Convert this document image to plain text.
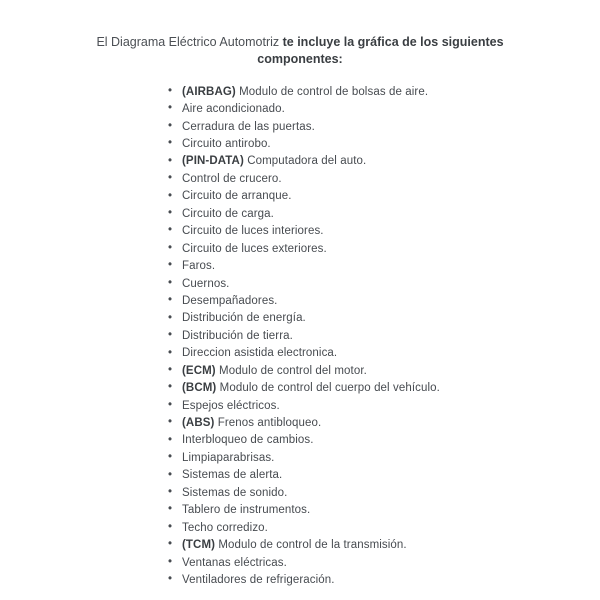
El Diagrama Eléctrico Automotriz te incluye la gráfica de los siguientes
componentes:
• (AIRBAG) Modulo de control de bolsas de aire.
• Aire acondicionado.
• Cerradura de las puertas.
• Circuito antirobo.
• (PIN-DATA) Computadora del auto.
• Control de crucero.
• Circuito de arranque.
• Circuito de carga.
• Circuito de luces interiores.
• Circuito de luces exteriores.
• Faros.
• Cuernos.
• Desempañadores.
• Distribución de energía.
• Distribución de tierra.
• Direccion asistida electronica.
• (ECM) Modulo de control del motor.
• (BCM) Modulo de control del cuerpo del vehículo.
• Espejos eléctricos.
• (ABS) Frenos antibloqueo.
• Interbloqueo de cambios.
• Limpiaparabrisas.
• Sistemas de alerta.
• Sistemas de sonido.
• Tablero de instrumentos.
• Techo corredizo.
• (TCM) Modulo de control de la transmisión.
• Ventanas eléctricas.
• Ventiladores de refrigeración.
